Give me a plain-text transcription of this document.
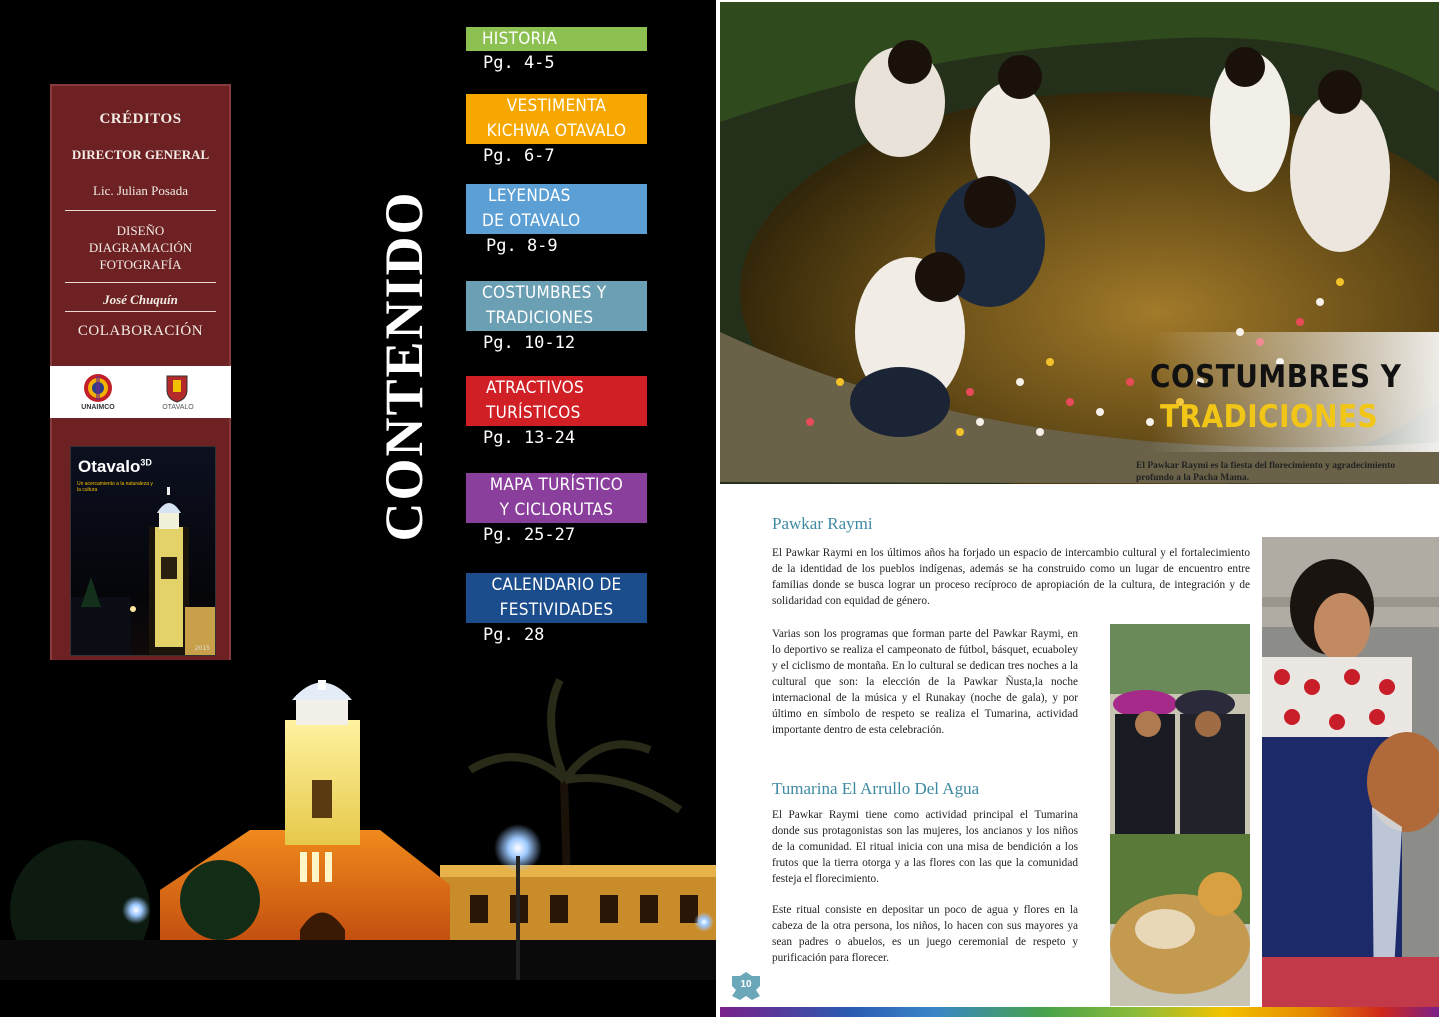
CRÉDITOS
DIRECTOR GENERAL
Lic. Julian Posada
DISEÑO
DIAGRAMACIÓN
FOTOGRAFÍA
José Chuquín
COLABORACIÓN
UNAIMCO	OTAVALO
Otavalo$^{3D}$
Un acercamiento a la naturaleza y la cultura
2015
CONTENIDO
HISTORIA
Pg. 4-5
VESTIMENTA
KICHWA OTAVALO
Pg. 6-7
LEYENDAS
DE OTAVALO
Pg. 8-9
COSTUMBRES Y
TRADICIONES
Pg. 10-12
ATRACTIVOS
TURÍSTICOS
Pg. 13-24
MAPA TURÍSTICO
Y CICLORUTAS
Pg. 25-27
CALENDARIO DE
FESTIVIDADES
Pg. 28
COSTUMBRES Y
TRADICIONES
El Pawkar Raymi es la fiesta del florecimiento y agradecimiento profundo a la Pacha Mama.
Pawkar Raymi
El Pawkar Raymi en los últimos años ha forjado un espacio de intercambio cultural y el fortalecimiento de la identidad de los pueblos indígenas, además se ha construido como un lugar de encuentro entre familias donde se busca lograr un proceso recíproco de apropiación de la cultura, de integración y de solidaridad con equidad de género.
Varias son los programas que forman parte del Pawkar Raymi, en lo deportivo se realiza el campeonato de fútbol, básquet, ecuaboley y el ciclismo de montaña. En lo cultural se dedican tres noches a la cultural que son: la elección de la Pawkar Ñusta,la noche internacional de la música y el Runakay (noche de gala), y por último en símbolo de respeto se realiza el Tumarina, actividad importante dentro de esta celebración.
Tumarina El Arrullo Del Agua
El Pawkar Raymi tiene como actividad principal el Tumarina donde sus protagonistas son las mujeres, los ancianos y los niños de la comunidad. El ritual inicia con una misa de bendición a los frutos que la tierra otorga y a las flores con las que la comunidad festeja el florecimiento.
Este ritual consiste en depositar un poco de agua y flores en la cabeza de la otra persona, los niños, lo hacen con sus mayores ya sean padres o abuelos, es un juego ceremonial de respeto y purificación para florecer.
10
